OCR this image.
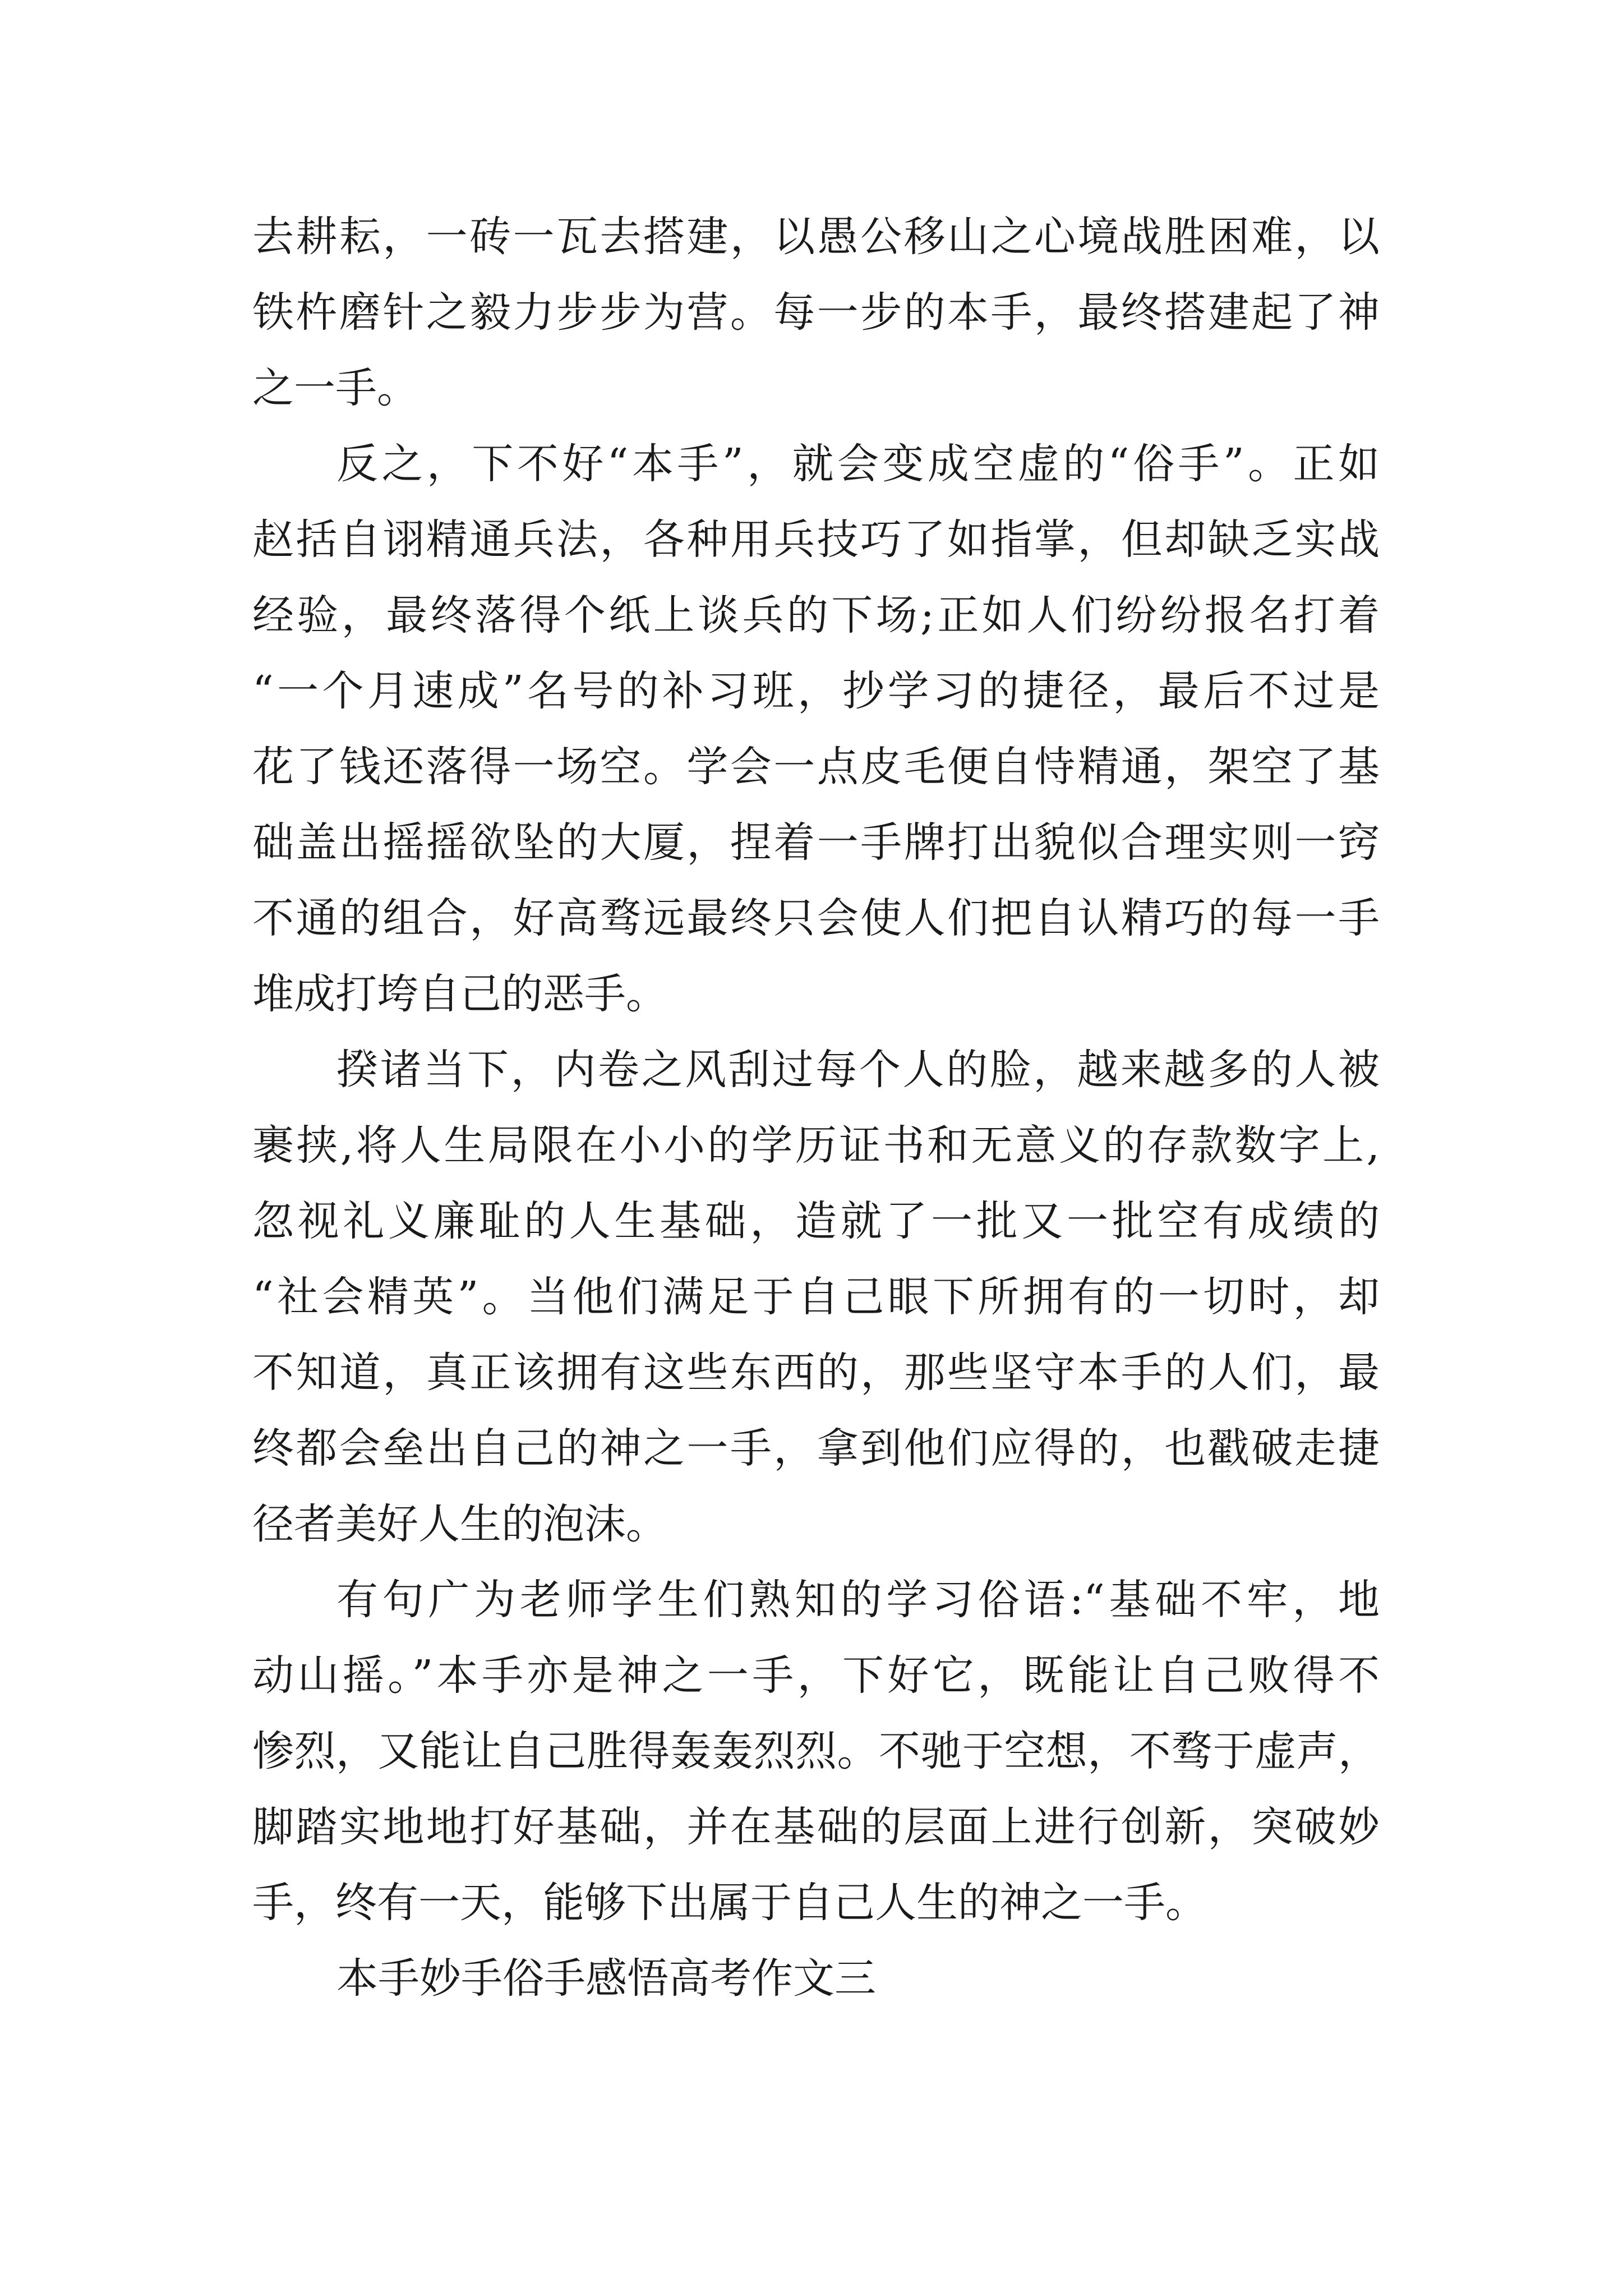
去耕耘，一砖一瓦去搭建，以愚公移山之心境战胜困难，以
铁杵磨针之毅力步步为营。每一步的本手，最终搭建起了神
之一手。
反之，下不好“本手”，就会变成空虚的“俗手”。正如
赵括自诩精通兵法，各种用兵技巧了如指掌，但却缺乏实战
经验，最终落得个纸上谈兵的下场;正如人们纷纷报名打着
“一个月速成”名号的补习班，抄学习的捷径，最后不过是
花了钱还落得一场空。学会一点皮毛便自恃精通，架空了基
础盖出摇摇欲坠的大厦，捏着一手牌打出貌似合理实则一窍
不通的组合，好高骛远最终只会使人们把自认精巧的每一手
堆成打垮自己的恶手。
揆诸当下，内卷之风刮过每个人的脸，越来越多的人被
裹挟,将人生局限在小小的学历证书和无意义的存款数字上,
忽视礼义廉耻的人生基础，造就了一批又一批空有成绩的
“社会精英”。当他们满足于自己眼下所拥有的一切时，却
不知道，真正该拥有这些东西的，那些坚守本手的人们，最
终都会垒出自己的神之一手，拿到他们应得的，也戳破走捷
径者美好人生的泡沫。
有句广为老师学生们熟知的学习俗语:“基础不牢，地
动山摇。”本手亦是神之一手，下好它，既能让自己败得不
惨烈，又能让自己胜得轰轰烈烈。不驰于空想，不骛于虚声，
脚踏实地地打好基础，并在基础的层面上进行创新，突破妙
手，终有一天，能够下出属于自己人生的神之一手。
本手妙手俗手感悟高考作文三
